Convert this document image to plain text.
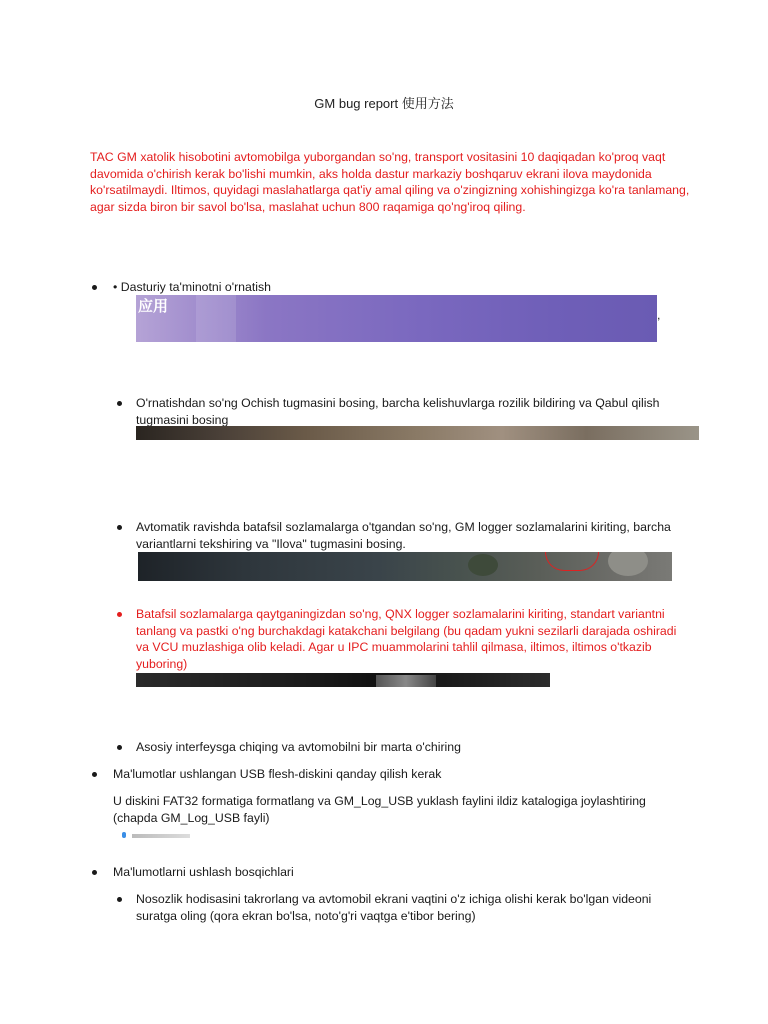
GM bug report 使用方法
TAC GM xatolik hisobotini avtomobilga yuborgandan so'ng, transport vositasini 10 daqiqadan ko'proq vaqt davomida o'chirish kerak bo'lishi mumkin, aks holda dastur markaziy boshqaruv ekrani ilova maydonida ko'rsatilmaydi. Iltimos, quyidagi maslahatlarga qat'iy amal qiling va o'zingizning xohishingizga ko'ra tanlamang, agar sizda biron bir savol bo'lsa, maslahat uchun 800 raqamiga qo'ng'iroq qiling.
• Dasturiy ta'minotni o'rnatish
应用	,
O'rnatishdan so'ng Ochish tugmasini bosing, barcha kelishuvlarga rozilik bildiring va Qabul qilish tugmasini bosing
Avtomatik ravishda batafsil sozlamalarga o'tgandan so'ng, GM logger sozlamalarini kiriting, barcha variantlarni tekshiring va "Ilova" tugmasini bosing.
Batafsil sozlamalarga qaytganingizdan so'ng, QNX logger sozlamalarini kiriting, standart variantni tanlang va pastki o'ng burchakdagi katakchani belgilang (bu qadam yukni sezilarli darajada oshiradi va VCU muzlashiga olib keladi. Agar u IPC muammolarini tahlil qilmasa, iltimos, iltimos o'tkazib yuboring)
Asosiy interfeysga chiqing va avtomobilni bir marta o'chiring
Ma'lumotlar ushlangan USB flesh-diskini qanday qilish kerak
U diskini FAT32 formatiga formatlang va GM_Log_USB yuklash faylini ildiz katalogiga joylashtiring (chapda GM_Log_USB fayli)
Ma'lumotlarni ushlash bosqichlari
Nosozlik hodisasini takrorlang va avtomobil ekrani vaqtini o'z ichiga olishi kerak bo'lgan videoni suratga oling (qora ekran bo'lsa, noto'g'ri vaqtga e'tibor bering)
